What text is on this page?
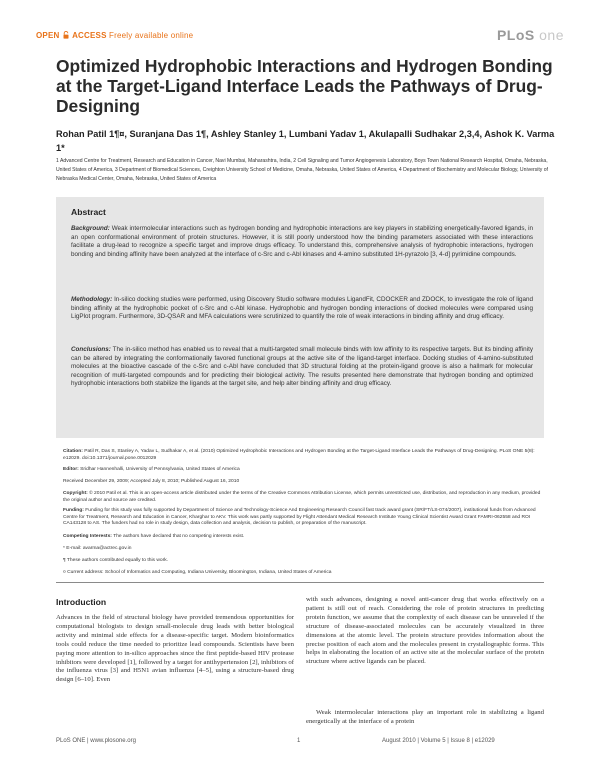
OPEN ACCESS Freely available online	PLoS one
Optimized Hydrophobic Interactions and Hydrogen Bonding at the Target-Ligand Interface Leads the Pathways of Drug-Designing
Rohan Patil 1¶¤, Suranjana Das 1¶, Ashley Stanley 1, Lumbani Yadav 1, Akulapalli Sudhakar 2,3,4, Ashok K. Varma 1*
1 Advanced Centre for Treatment, Research and Education in Cancer, Navi Mumbai, Maharashtra, India, 2 Cell Signaling and Tumor Angiogenesis Laboratory, Boys Town National Research Hospital, Omaha, Nebraska, United States of America, 3 Department of Biomedical Sciences, Creighton University School of Medicine, Omaha, Nebraska, United States of America, 4 Department of Biochemistry and Molecular Biology, University of Nebraska Medical Center, Omaha, Nebraska, United States of America
Abstract
Background: Weak intermolecular interactions such as hydrogen bonding and hydrophobic interactions are key players in stabilizing energetically-favored ligands, in an open conformational environment of protein structures. However, it is still poorly understood how the binding parameters associated with these interactions facilitate a drug-lead to recognize a specific target and improve drugs efficacy. To understand this, comprehensive analysis of hydrophobic interactions, hydrogen bonding and binding affinity have been analyzed at the interface of c-Src and c-Abl kinases and 4-amino substituted 1H-pyrazolo [3, 4-d] pyrimidine compounds.
Methodology: In-silico docking studies were performed, using Discovery Studio software modules LigandFit, CDOCKER and ZDOCK, to investigate the role of ligand binding affinity at the hydrophobic pocket of c-Src and c-Abl kinase. Hydrophobic and hydrogen bonding interactions of docked molecules were compared using LigPlot program. Furthermore, 3D-QSAR and MFA calculations were scrutinized to quantify the role of weak interactions in binding affinity and drug efficacy.
Conclusions: The in-silico method has enabled us to reveal that a multi-targeted small molecule binds with low affinity to its respective targets. But its binding affinity can be altered by integrating the conformationally favored functional groups at the active site of the ligand-target interface. Docking studies of 4-amino-substituted molecules at the bioactive cascade of the c-Src and c-Abl have concluded that 3D structural folding at the protein-ligand groove is also a hallmark for molecular recognition of multi-targeted compounds and for predicting their biological activity. The results presented here demonstrate that hydrogen bonding and optimized hydrophobic interactions both stabilize the ligands at the target site, and help alter binding affinity and drug efficacy.
Citation: Patil R, Das S, Stanley A, Yadav L, Sudhakar A, et al. (2010) Optimized Hydrophobic Interactions and Hydrogen Bonding at the Target-Ligand Interface Leads the Pathways of Drug-Designing. PLoS ONE 5(8): e12029. doi:10.1371/journal.pone.0012029
Editor: Sridhar Hannenhalli, University of Pennsylvania, United States of America
Received December 29, 2009; Accepted July 8, 2010; Published August 16, 2010
Copyright: © 2010 Patil et al. This is an open-access article distributed under the terms of the Creative Commons Attribution License, which permits unrestricted use, distribution, and reproduction in any medium, provided the original author and source are credited.
Funding: Funding for this study was fully supported by Department of Science and Technology-Science And Engineering Research Council fast track award grant (SR/FT/LS-074/2007), institutional funds from Advanced Centre for Treatment, Research and Education in Cancer, Kharghar to AKV. This work was partly supported by Flight Attendant Medical Research Institute Young Clinical Scientist Award Grant FAMRI-062558 and ROI CA143128 to AS. The funders had no role in study design, data collection and analysis, decision to publish, or preparation of the manuscript.
Competing Interests: The authors have declared that no competing interests exist.
* E-mail: avarma@actrec.gov.in
¶ These authors contributed equally to this work.
¤ Current address: School of Informatics and Computing, Indiana University, Bloomington, Indiana, United States of America
Introduction
Advances in the field of structural biology have provided tremendous opportunities for computational biologists to design small-molecule drug leads with better biological activity and minimal side effects for a disease-specific target. Modern bioinformatics tools could reduce the time needed to prioritize lead compounds. Scientists have been paying more attention to in-silico approaches since the first peptide-based HIV protease inhibitors were developed [1], followed by a target for antihypertension [2], inhibitors of the influenza virus [3] and H5N1 avian influenza [4–5], using a structure-based drug design [6–10]. Even
with such advances, designing a novel anti-cancer drug that works effectively on a patient is still out of reach. Considering the role of protein structures in predicting protein function, we assume that the complexity of each disease can be unraveled if the structure of disease-associated molecules can be accurately visualized in three dimensions at the atomic level. The protein structure provides information about the precise position of each atom and the molecules present in crystallographic forms. This helps in elaborating the location of an active site at the molecular surface of the protein structure where active ligands can be placed.
Weak intermolecular interactions play an important role in stabilizing a ligand energetically at the interface of a protein
PLoS ONE | www.plosone.org	1	August 2010 | Volume 5 | Issue 8 | e12029
